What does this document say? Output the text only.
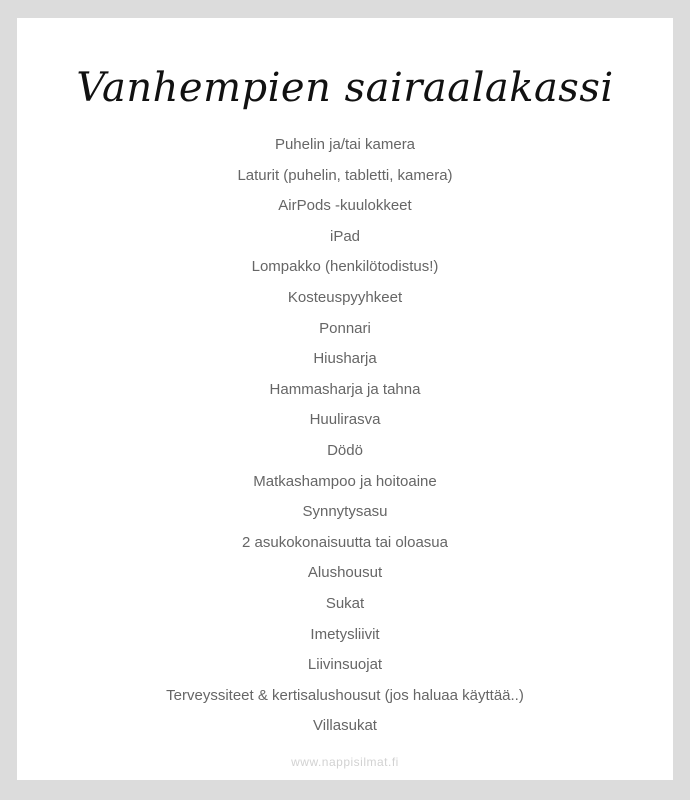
Vanhempien sairaalakassi
Puhelin ja/tai kamera
Laturit (puhelin, tabletti, kamera)
AirPods -kuulokkeet
iPad
Lompakko (henkilötodistus!)
Kosteuspyyhkeet
Ponnari
Hiusharja
Hammasharja ja tahna
Huulirasva
Dödö
Matkashampoo ja hoitoaine
Synnytysasu
2 asukokonaisuutta tai oloasua
Alushousut
Sukat
Imetysliivit
Liivinsuojat
Terveyssiteet & kertisalushousut (jos haluaa käyttää..)
Villasukat
www.nappisilmat.fi
